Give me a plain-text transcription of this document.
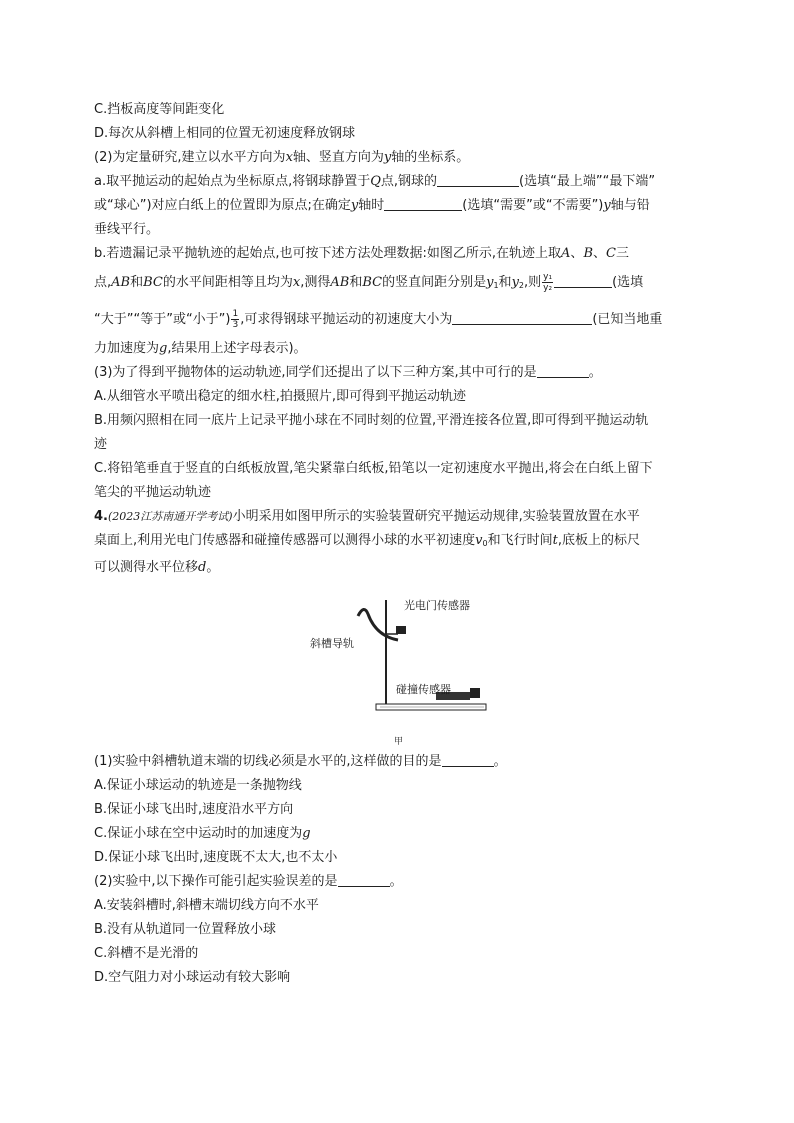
C.挡板高度等间距变化
D.每次从斜槽上相同的位置无初速度释放钢球
(2)为定量研究,建立以水平方向为x轴、竖直方向为y轴的坐标系。
a.取平抛运动的起始点为坐标原点,将钢球静置于Q点,钢球的	(选填“最上端”“最下端”
或“球心”)对应白纸上的位置即为原点;在确定y轴时	(选填“需要”或“不需要”)y轴与铅
垂线平行。
b.若遗漏记录平抛轨迹的起始点,也可按下述方法处理数据:如图乙所示,在轨迹上取A、B、C三
点,AB和BC的水平间距相等且均为x,测得AB和BC的竖直间距分别是$y_1$和$y_2$,则 $\frac{\text{y₁}}{\text{y₂}}$	(选填
“大于”“等于”或“小于”) $\frac{1}{3}$ ,可求得钢球平抛运动的初速度大小为	(已知当地重
力加速度为g,结果用上述字母表示)。
(3)为了得到平抛物体的运动轨迹,同学们还提出了以下三种方案,其中可行的是	。
A.从细管水平喷出稳定的细水柱,拍摄照片,即可得到平抛运动轨迹
B.用频闪照相在同一底片上记录平抛小球在不同时刻的位置,平滑连接各位置,即可得到平抛运动轨
迹
C.将铅笔垂直于竖直的白纸板放置,笔尖紧靠白纸板,铅笔以一定初速度水平抛出,将会在白纸上留下
笔尖的平抛运动轨迹
4.(2023江苏南通开学考试)小明采用如图甲所示的实验装置研究平抛运动规律,实验装置放置在水平
桌面上,利用光电门传感器和碰撞传感器可以测得小球的水平初速度$v_0$和飞行时间t,底板上的标尺
可以测得水平位移d。
斜槽导轨
光电门传感器
碰撞传感器
甲
(1)实验中斜槽轨道末端的切线必须是水平的,这样做的目的是	。
A.保证小球运动的轨迹是一条抛物线
B.保证小球飞出时,速度沿水平方向
C.保证小球在空中运动时的加速度为g
D.保证小球飞出时,速度既不太大,也不太小
(2)实验中,以下操作可能引起实验误差的是	。
A.安装斜槽时,斜槽末端切线方向不水平
B.没有从轨道同一位置释放小球
C.斜槽不是光滑的
D.空气阻力对小球运动有较大影响
